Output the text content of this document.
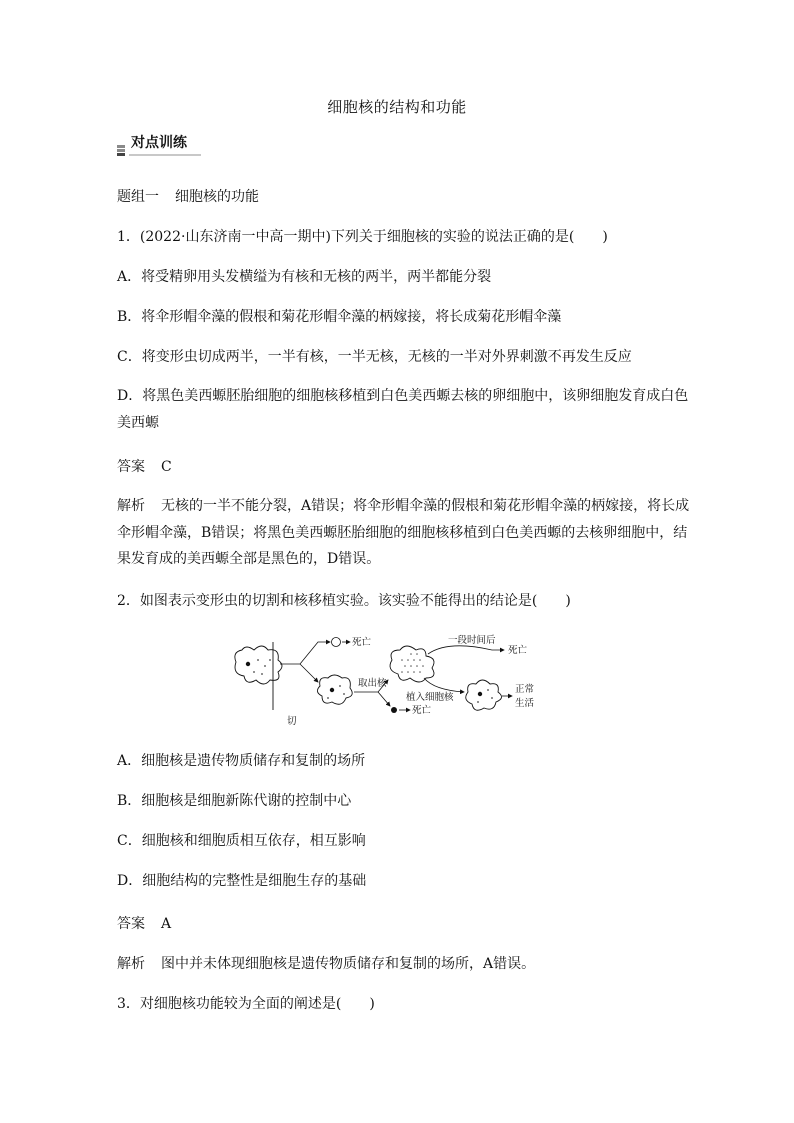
细胞核的结构和功能
对点训练
题组一 细胞核的功能
1．(2022·山东济南一中高一期中)下列关于细胞核的实验的说法正确的是(　　)
A．将受精卵用头发横缢为有核和无核的两半，两半都能分裂
B．将伞形帽伞藻的假根和菊花形帽伞藻的柄嫁接，将长成菊花形帽伞藻
C．将变形虫切成两半，一半有核，一半无核，无核的一半对外界刺激不再发生反应
D．将黑色美西螈胚胎细胞的细胞核移植到白色美西螈去核的卵细胞中，该卵细胞发育成白色美西螈
答案 C
解析 无核的一半不能分裂，A错误；将伞形帽伞藻的假根和菊花形帽伞藻的柄嫁接，将长成伞形帽伞藻，B错误；将黑色美西螈胚胎细胞的细胞核移植到白色美西螈的去核卵细胞中，结果发育成的美西螈全部是黑色的，D错误。
2．如图表示变形虫的切割和核移植实验。该实验不能得出的结论是(　　)
切
死亡
取出核
死亡
一段时间后
死亡
植入细胞核
正常
生活
A．细胞核是遗传物质储存和复制的场所
B．细胞核是细胞新陈代谢的控制中心
C．细胞核和细胞质相互依存，相互影响
D．细胞结构的完整性是细胞生存的基础
答案 A
解析 图中并未体现细胞核是遗传物质储存和复制的场所，A错误。
3．对细胞核功能较为全面的阐述是(　　)
